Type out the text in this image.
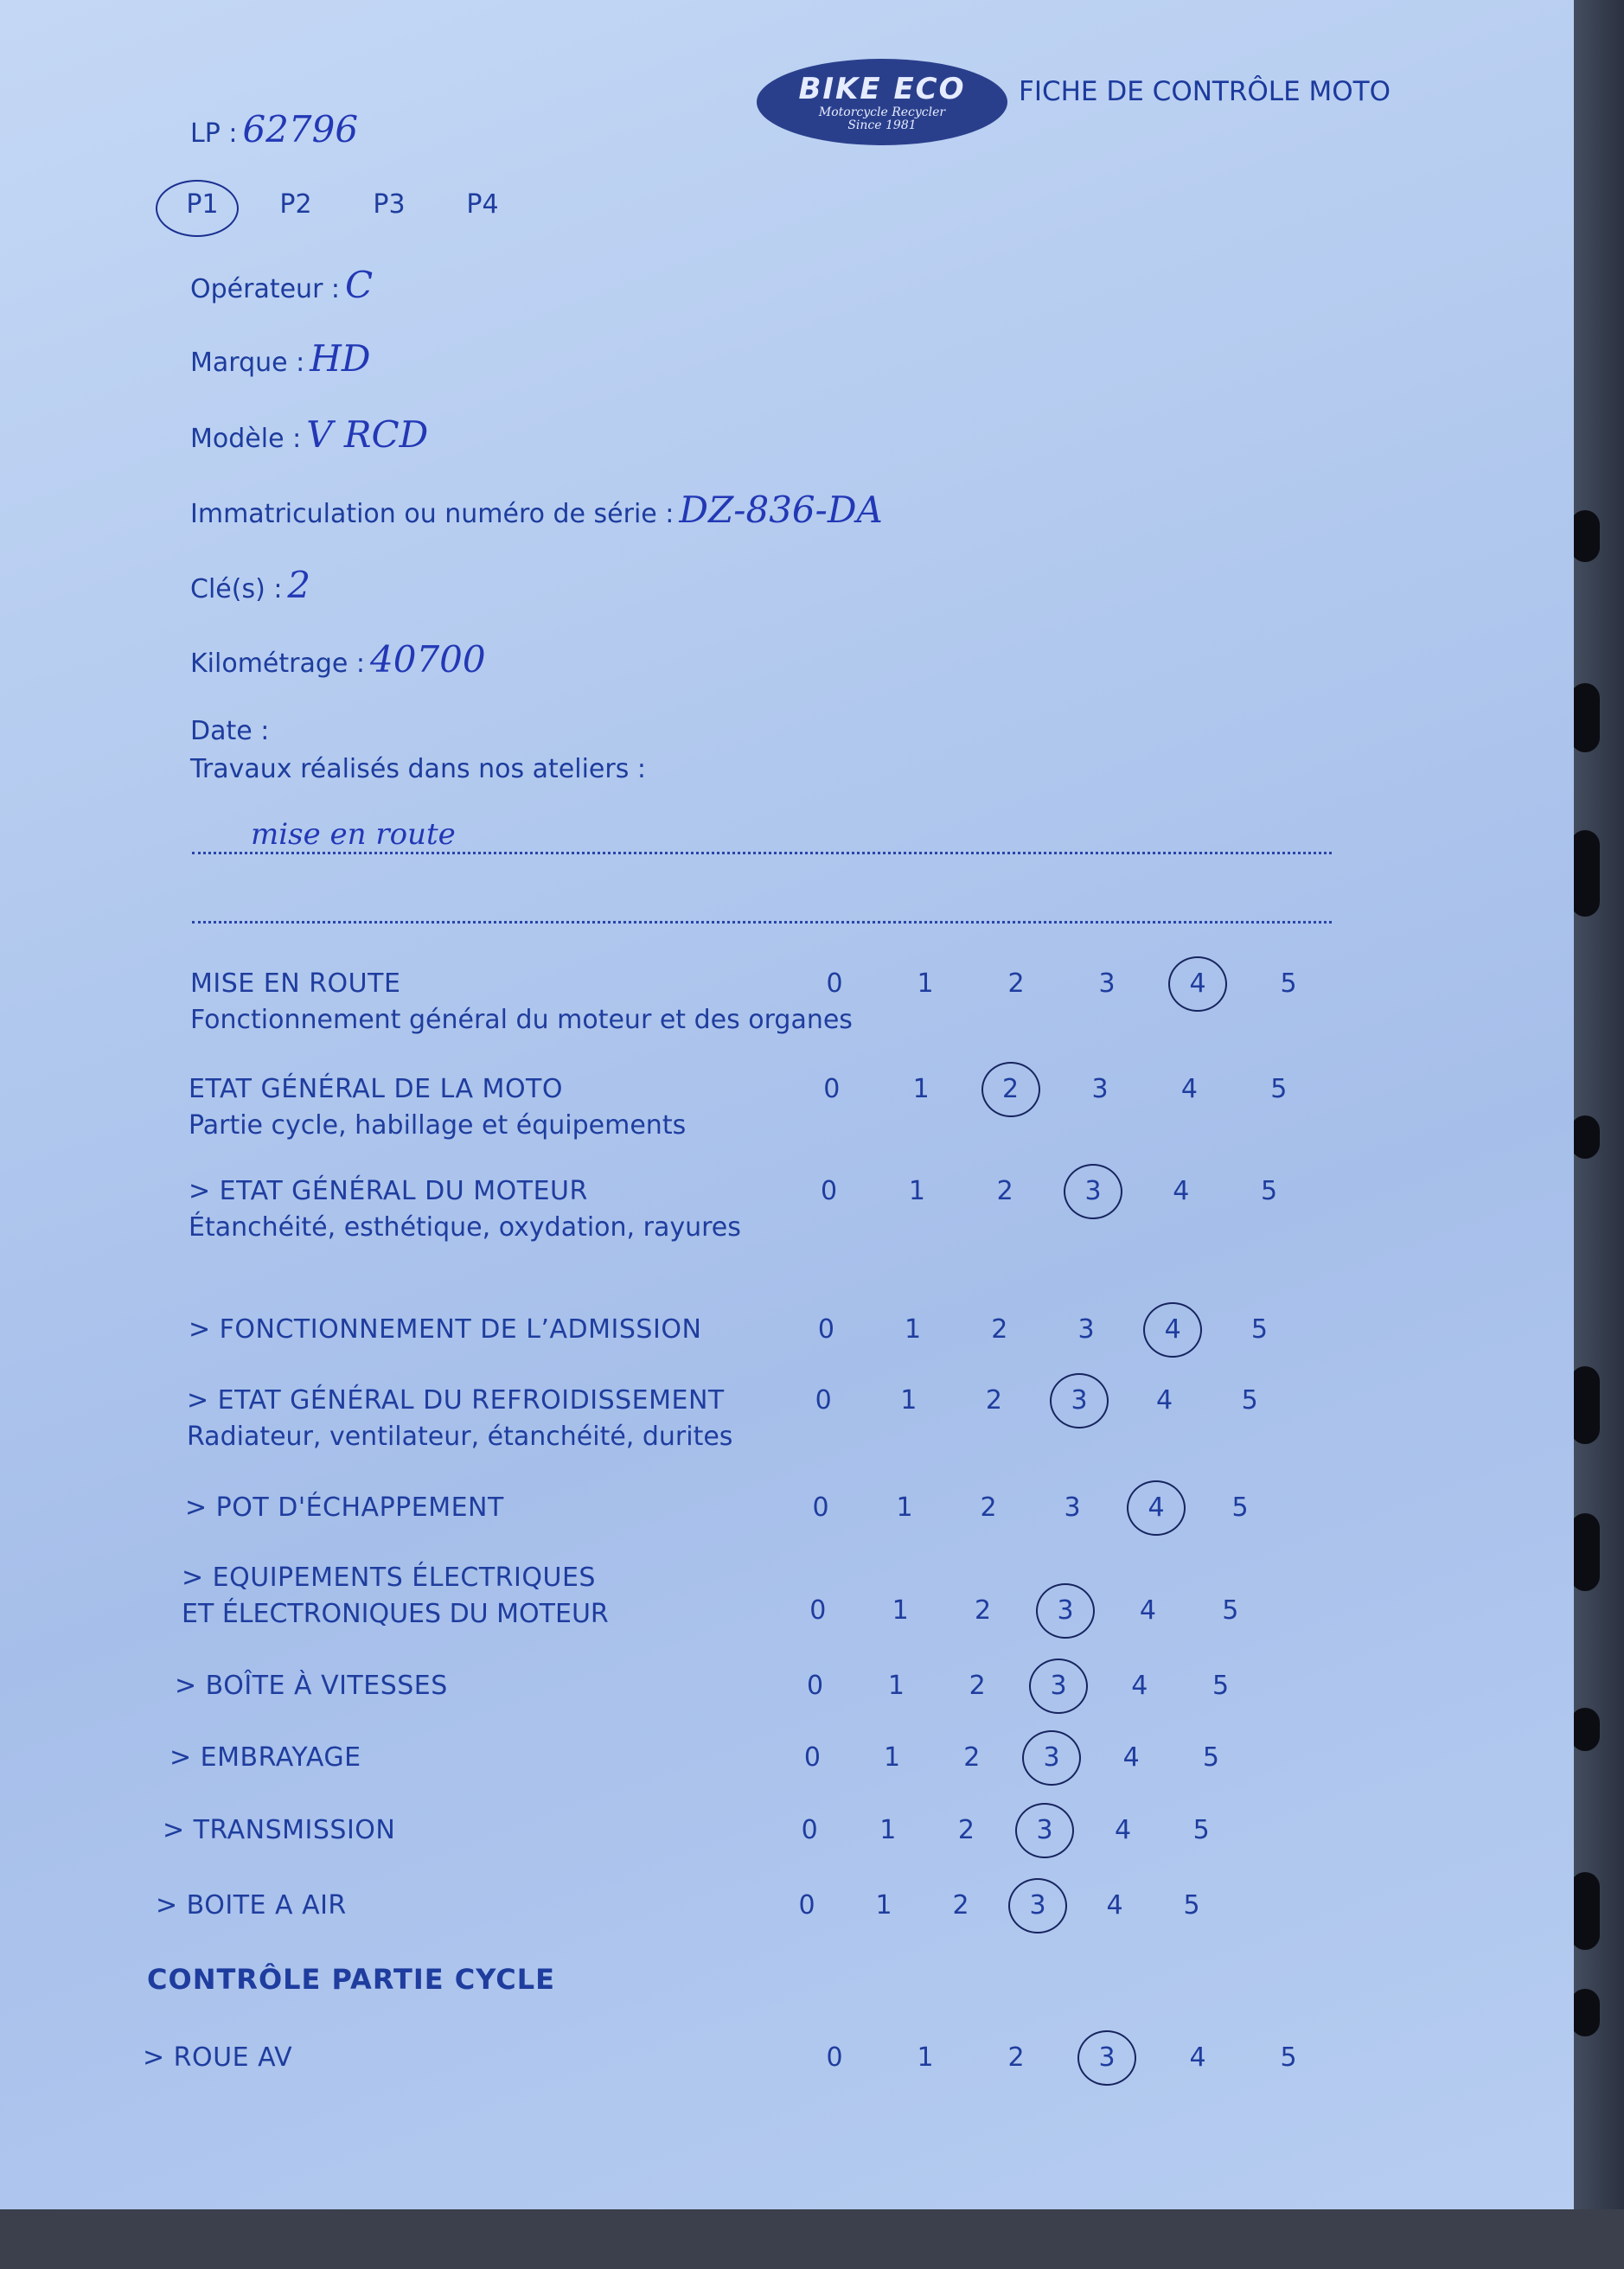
BIKE ECO
Motorcycle Recycler
Since 1981
FICHE DE CONTRÔLE MOTO
LP : 62796
P1	P2	P3	P4
Opérateur : C
Marque : HD
Modèle : V RCD
Immatriculation ou numéro de série : DZ-836-DA
Clé(s) : 2
Kilométrage : 40700
Date :
Travaux réalisés dans nos ateliers :
mise en route
MISE EN ROUTE
Fonctionnement général du moteur et des organes
0	1	2	3	4	5
ETAT GÉNÉRAL DE LA MOTO
Partie cycle, habillage et équipements
0	1	2	3	4	5
> ETAT GÉNÉRAL DU MOTEUR
Étanchéité, esthétique, oxydation, rayures
0	1	2	3	4	5
> FONCTIONNEMENT DE L’ADMISSION	0	1	2	3	4	5
> ETAT GÉNÉRAL DU REFROIDISSEMENT
Radiateur, ventilateur, étanchéité, durites
0	1	2	3	4	5
> POT D'ÉCHAPPEMENT	0	1	2	3	4	5
> EQUIPEMENTS ÉLECTRIQUES
ET ÉLECTRONIQUES DU MOTEUR	0	1	2	3	4	5
> BOÎTE À VITESSES	0	1	2	3	4	5
> EMBRAYAGE	0	1	2	3	4	5
> TRANSMISSION	0	1	2	3	4	5
> BOITE A AIR	0	1	2	3	4	5
CONTRÔLE PARTIE CYCLE
> ROUE AV	0	1	2	3	4	5
